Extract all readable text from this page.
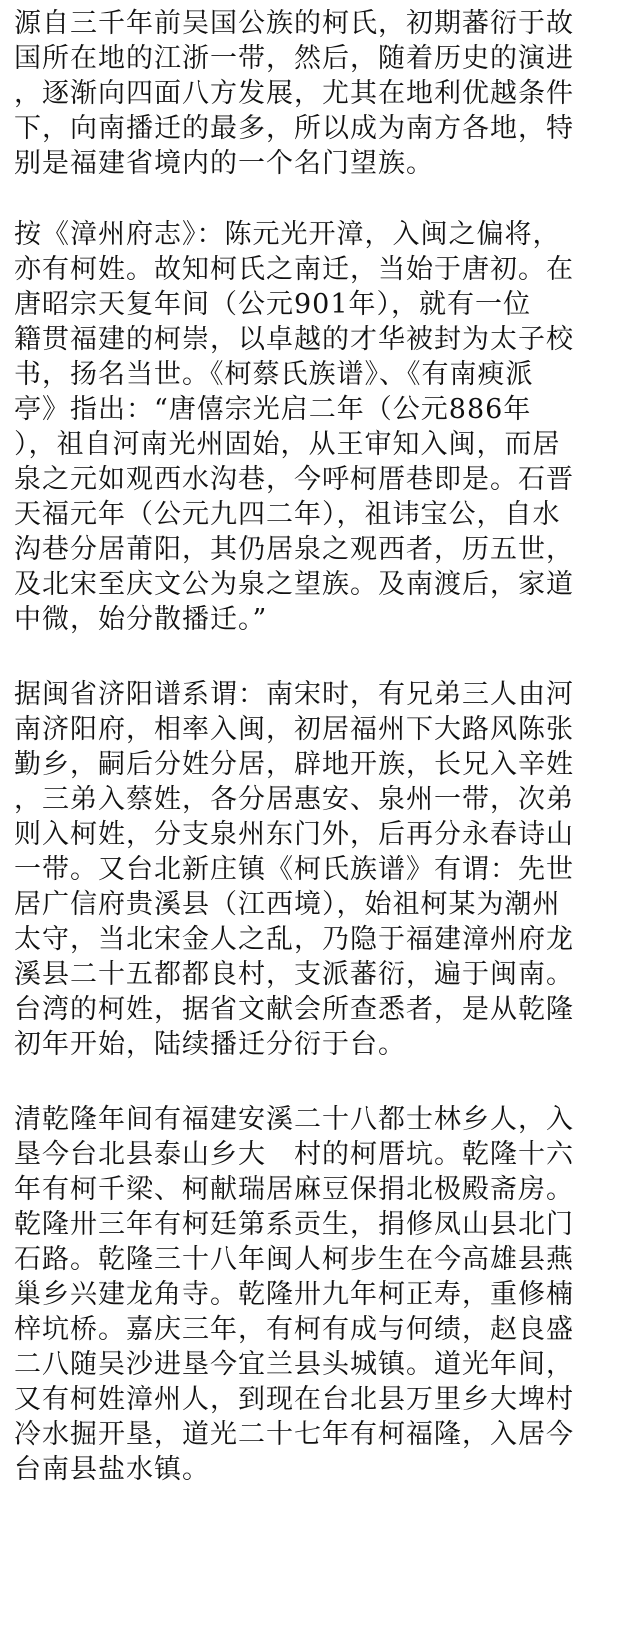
源自三千年前吴国公族的柯氏，初期蕃衍于故
国所在地的江浙一带，然后，随着历史的演进
，逐渐向四面八方发展，尤其在地利优越条件
下，向南播迁的最多，所以成为南方各地，特
别是福建省境内的一个名门望族。
按《漳州府志》：陈元光开漳，入闽之偏将，
亦有柯姓。故知柯氏之南迁，当始于唐初。在
唐昭宗天复年间（公元901年），就有一位
籍贯福建的柯崇，以卓越的才华被封为太子校
书，扬名当世。《柯蔡氏族谱》、《有南瘐派
亭》指出：“唐僖宗光启二年（公元886年
），祖自河南光州固始，从王审知入闽，而居
泉之元如观西水沟巷，今呼柯厝巷即是。石晋
天福元年（公元九四二年），祖讳宝公，自水
沟巷分居莆阳，其仍居泉之观西者，历五世，
及北宋至庆文公为泉之望族。及南渡后，家道
中微，始分散播迁。”
据闽省济阳谱系谓：南宋时，有兄弟三人由河
南济阳府，相率入闽，初居福州下大路风陈张
勤乡，嗣后分姓分居，辟地开族，长兄入辛姓
，三弟入蔡姓，各分居惠安、泉州一带，次弟
则入柯姓，分支泉州东门外，后再分永春诗山
一带。又台北新庄镇《柯氏族谱》有谓：先世
居广信府贵溪县（江西境），始祖柯某为潮州
太守，当北宋金人之乱，乃隐于福建漳州府龙
溪县二十五都都良村，支派蕃衍，遍于闽南。
台湾的柯姓，据省文献会所查悉者，是从乾隆
初年开始，陆续播迁分衍于台。
清乾隆年间有福建安溪二十八都士林乡人，入
垦今台北县泰山乡大　村的柯厝坑。乾隆十六
年有柯千梁、柯献瑞居麻豆保捐北极殿斋房。
乾隆卅三年有柯廷第系贡生，捐修凤山县北门
石路。乾隆三十八年闽人柯步生在今高雄县燕
巢乡兴建龙角寺。乾隆卅九年柯正寿，重修楠
梓坑桥。嘉庆三年，有柯有成与何绩，赵良盛
二八随吴沙进垦今宜兰县头城镇。道光年间，
又有柯姓漳州人，到现在台北县万里乡大埤村
冷水掘开垦，道光二十七年有柯福隆，入居今
台南县盐水镇。
